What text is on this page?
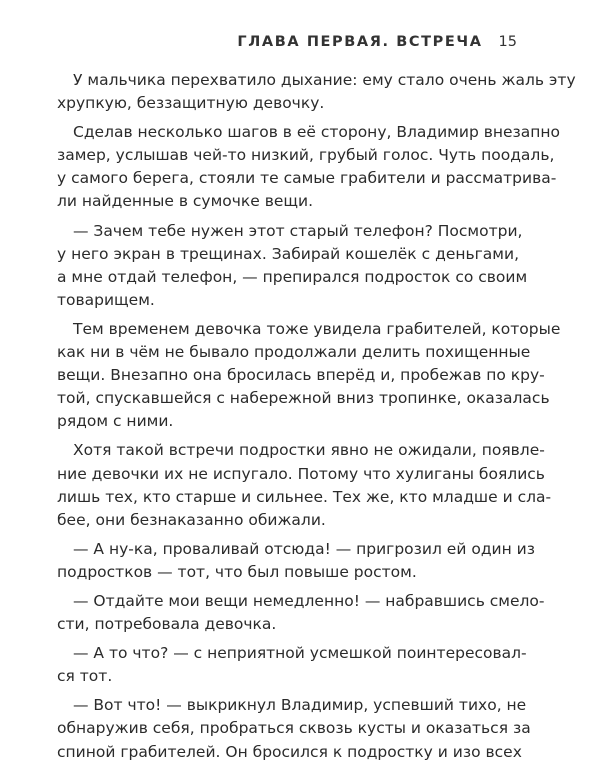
ГЛАВА ПЕРВАЯ. ВСТРЕЧА 15
У мальчика перехватило дыхание: ему стало очень жаль эту
хрупкую, беззащитную девочку.
Сделав несколько шагов в её сторону, Владимир внезапно
замер, услышав чей-то низкий, грубый голос. Чуть поодаль,
у самого берега, стояли те самые грабители и рассматрива-
ли найденные в сумочке вещи.
— Зачем тебе нужен этот старый телефон? Посмотри,
у него экран в трещинах. Забирай кошелёк с деньгами,
а мне отдай телефон, — препирался подросток со своим
товарищем.
Тем временем девочка тоже увидела грабителей, которые
как ни в чём не бывало продолжали делить похищенные
вещи. Внезапно она бросилась вперёд и, пробежав по кру-
той, спускавшейся с набережной вниз тропинке, оказалась
рядом с ними.
Хотя такой встречи подростки явно не ожидали, появле-
ние девочки их не испугало. Потому что хулиганы боялись
лишь тех, кто старше и сильнее. Тех же, кто младше и сла-
бее, они безнаказанно обижали.
— А ну-ка, проваливай отсюда! — пригрозил ей один из
подростков — тот, что был повыше ростом.
— Отдайте мои вещи немедленно! — набравшись смело-
сти, потребовала девочка.
— А то что? — с неприятной усмешкой поинтересовал-
ся тот.
— Вот что! — выкрикнул Владимир, успевший тихо, не
обнаружив себя, пробраться сквозь кусты и оказаться за
спиной грабителей. Он бросился к подростку и изо всех
